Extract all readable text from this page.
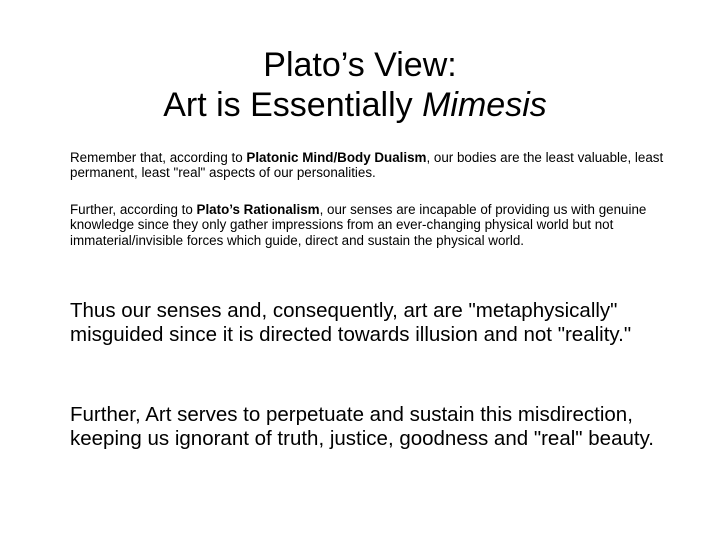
Plato’s View:
Art is Essentially Mimesis

Remember that, according to Platonic Mind/Body Dualism, our bodies are the least valuable, least permanent, least "real" aspects of our personalities.

Further, according to Plato’s Rationalism, our senses are incapable of providing us with genuine knowledge since they only gather impressions from an ever-changing physical world but not immaterial/invisible forces which guide, direct and sustain the physical world.

Thus our senses and, consequently, art are "metaphysically" misguided since it is directed towards illusion and not "reality."

Further, Art serves to perpetuate and sustain this misdirection, keeping us ignorant of truth, justice, goodness and "real" beauty.
